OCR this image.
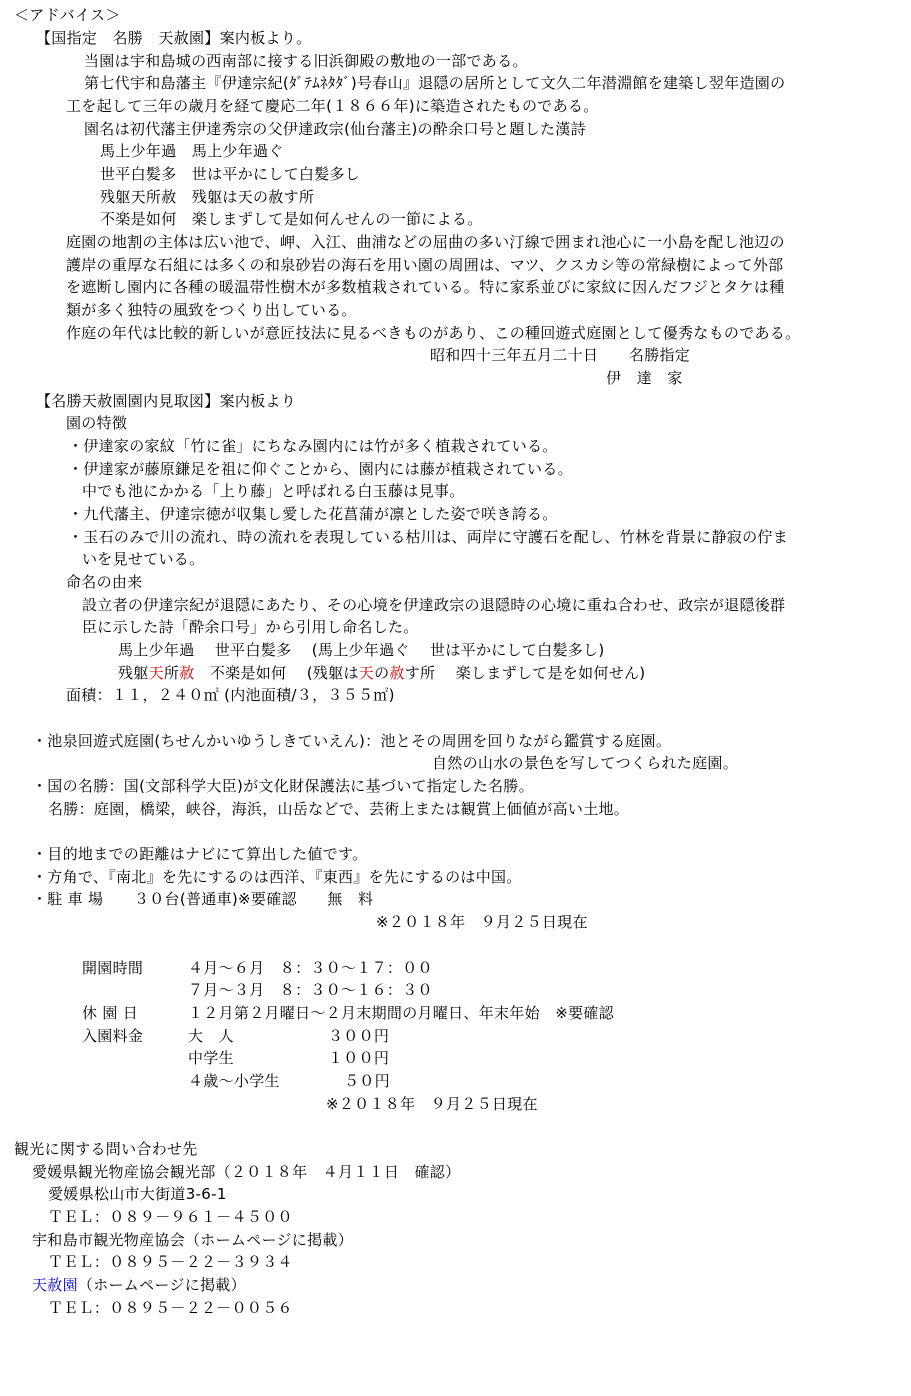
＜アドバイス＞
【国指定　名勝　天赦園】案内板より。
当園は宇和島城の西南部に接する旧浜御殿の敷地の一部である。
第七代宇和島藩主『伊達宗紀(ﾀﾞﾃﾑﾈﾀﾀﾞ)号春山』退隠の居所として文久二年潜淵館を建築し翌年造園の
工を起して三年の歳月を経て慶応二年(１８６６年)に築造されたものである。
園名は初代藩主伊達秀宗の父伊達政宗(仙台藩主)の酔余口号と題した漢詩
馬上少年過　馬上少年過ぐ
世平白髪多　世は平かにして白髪多し
残躯天所赦　残躯は天の赦す所
不楽是如何　楽しまずして是如何んせんの一節による。
庭園の地割の主体は広い池で、岬、入江、曲浦などの屈曲の多い汀線で囲まれ池心に一小島を配し池辺の
護岸の重厚な石組には多くの和泉砂岩の海石を用い園の周囲は、マツ、クスカシ等の常緑樹によって外部
を遮断し園内に各種の暖温帯性樹木が多数植栽されている。特に家系並びに家紋に因んだフジとタケは種
類が多く独特の風致をつくり出している。
作庭の年代は比較的新しいが意匠技法に見るべきものがあり、この種回遊式庭園として優秀なものである。
昭和四十三年五月二十日　　名勝指定
伊　達　家
【名勝天赦園園内見取図】案内板より
園の特徴
・伊達家の家紋「竹に雀」にちなみ園内には竹が多く植栽されている。
・伊達家が藤原鎌足を祖に仰ぐことから、園内には藤が植栽されている。
中でも池にかかる「上り藤」と呼ばれる白玉藤は見事。
・九代藩主、伊達宗徳が収集し愛した花菖蒲が凛とした姿で咲き誇る。
・玉石のみで川の流れ、時の流れを表現している枯川は、両岸に守護石を配し、竹林を背景に静寂の佇ま
いを見せている。
命名の由来
設立者の伊達宗紀が退隠にあたり、その心境を伊達政宗の退隠時の心境に重ね合わせ、政宗が退隠後群
臣に示した詩「酔余口号」から引用し命名した。
馬上少年過　 世平白髪多　 (馬上少年過ぐ　 世は平かにして白髪多し)
残躯天所赦　不楽是如何　 (残躯は天の赦す所　 楽しまずして是を如何せん)
面積：１１，２４０㎡ (内池面積/３，３５５㎡)
・池泉回遊式庭園(ちせんかいゆうしきていえん)：池とその周囲を回りながら鑑賞する庭園。
自然の山水の景色を写してつくられた庭園。
・国の名勝：国(文部科学大臣)が文化財保護法に基づいて指定した名勝。
名勝：庭園，橋梁，峡谷，海浜，山岳などで、芸術上または観賞上価値が高い土地。
・目的地までの距離はナビにて算出した値です。
・方角で、『南北』を先にするのは西洋、『東西』を先にするのは中国。
・駐 車 場　　３０台(普通車)※要確認　　無　料
※２０１８年　９月２５日現在
開園時間	４月～６月　８：３０～１７：００
７月～３月　８：３０～１６：３０
休 園 日	１２月第２月曜日～２月末期間の月曜日、年末年始　※要確認
入園料金	大　人	３００円
中学生	１００円
４歳～小学生	５０円
※２０１８年　９月２５日現在
観光に関する問い合わせ先
愛媛県観光物産協会観光部（２０１８年　４月１１日　確認）
愛媛県松山市大街道3-6-1
ＴＥＬ：０８９－９６１－４５００
宇和島市観光物産協会（ホームページに掲載）
ＴＥＬ：０８９５－２２－３９３４
天赦園（ホームページに掲載）
ＴＥＬ：０８９５－２２－００５６
